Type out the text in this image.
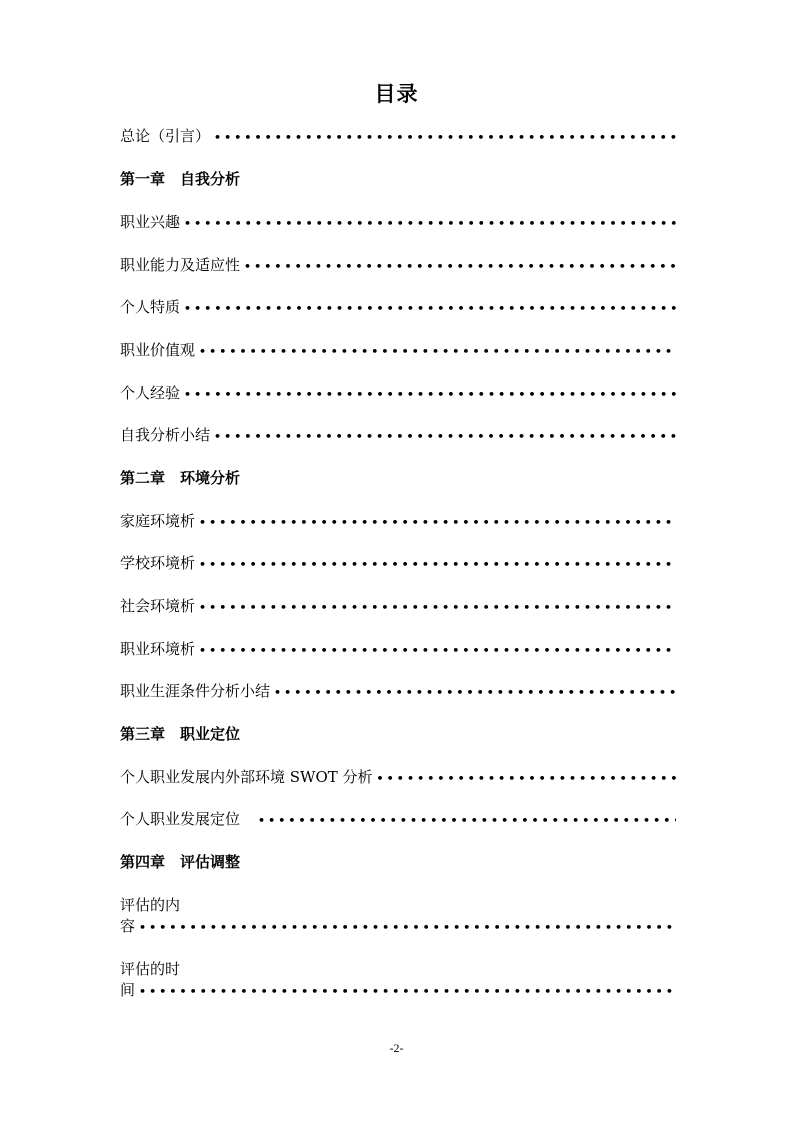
目录
总论（引言）
•••••
第一章　自我分析
职业兴趣
•••••
职业能力及适应性
•••••
个人特质
•••••
职业价值观
•••••
个人经验
•••••
自我分析小结
•••••
第二章　环境分析
家庭环境析
•••••
学校环境析
•••••
社会环境析
•••••
职业环境析
•••••
职业生涯条件分析小结
•••••
第三章　职业定位
个人职业发展内外部环境 SWOT 分析
•••••
个人职业发展定位
•••••
第四章　评估调整
评估的内
容
•••••
评估的时
间
•••••
-2-
